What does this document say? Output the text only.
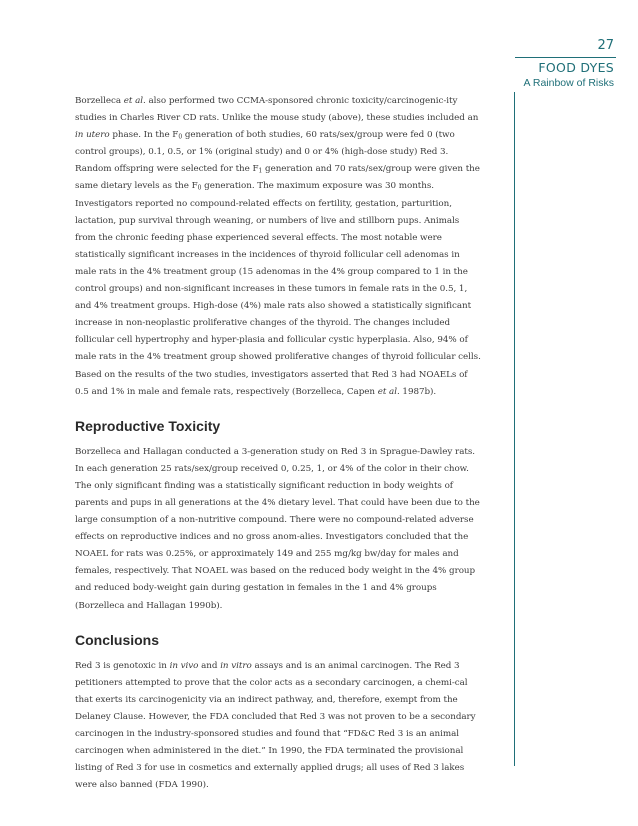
27
FOOD DYES
A Rainbow of Risks

Borzelleca et al. also performed two CCMA-sponsored chronic toxicity/carcinogenic-ity studies in Charles River CD rats. Unlike the mouse study (above), these studies included an in utero phase. In the $F_0$ generation of both studies, 60 rats/sex/group were fed 0 (two control groups), 0.1, 0.5, or 1% (original study) and 0 or 4% (high-dose study) Red 3. Random offspring were selected for the $F_1$ generation and 70 rats/sex/group were given the same dietary levels as the $F_0$ generation. The maximum exposure was 30 months. Investigators reported no compound-related effects on fertility, gestation, parturition, lactation, pup survival through weaning, or numbers of live and stillborn pups. Animals from the chronic feeding phase experienced several effects. The most notable were statistically significant increases in the incidences of thyroid follicular cell adenomas in male rats in the 4% treatment group (15 adenomas in the 4% group compared to 1 in the control groups) and non-significant increases in these tumors in female rats in the 0.5, 1, and 4% treatment groups. High-dose (4%) male rats also showed a statistically significant increase in non-neoplastic proliferative changes of the thyroid. The changes included follicular cell hypertrophy and hyper-plasia and follicular cystic hyperplasia. Also, 94% of male rats in the 4% treatment group showed proliferative changes of thyroid follicular cells. Based on the results of the two studies, investigators asserted that Red 3 had NOAELs of 0.5 and 1% in male and female rats, respectively (Borzelleca, Capen et al. 1987b).

Reproductive Toxicity

Borzelleca and Hallagan conducted a 3-generation study on Red 3 in Sprague-Dawley rats. In each generation 25 rats/sex/group received 0, 0.25, 1, or 4% of the color in their chow. The only significant finding was a statistically significant reduction in body weights of parents and pups in all generations at the 4% dietary level. That could have been due to the large consumption of a non-nutritive compound. There were no compound-related adverse effects on reproductive indices and no gross anom-alies. Investigators concluded that the NOAEL for rats was 0.25%, or approximately 149 and 255 mg/kg bw/day for males and females, respectively. That NOAEL was based on the reduced body weight in the 4% group and reduced body-weight gain during gestation in females in the 1 and 4% groups (Borzelleca and Hallagan 1990b).

Conclusions

Red 3 is genotoxic in in vivo and in vitro assays and is an animal carcinogen. The Red 3 petitioners attempted to prove that the color acts as a secondary carcinogen, a chemi-cal that exerts its carcinogenicity via an indirect pathway, and, therefore, exempt from the Delaney Clause. However, the FDA concluded that Red 3 was not proven to be a secondary carcinogen in the industry-sponsored studies and found that “FD&C Red 3 is an animal carcinogen when administered in the diet.” In 1990, the FDA terminated the provisional listing of Red 3 for use in cosmetics and externally applied drugs; all uses of Red 3 lakes were also banned (FDA 1990).
